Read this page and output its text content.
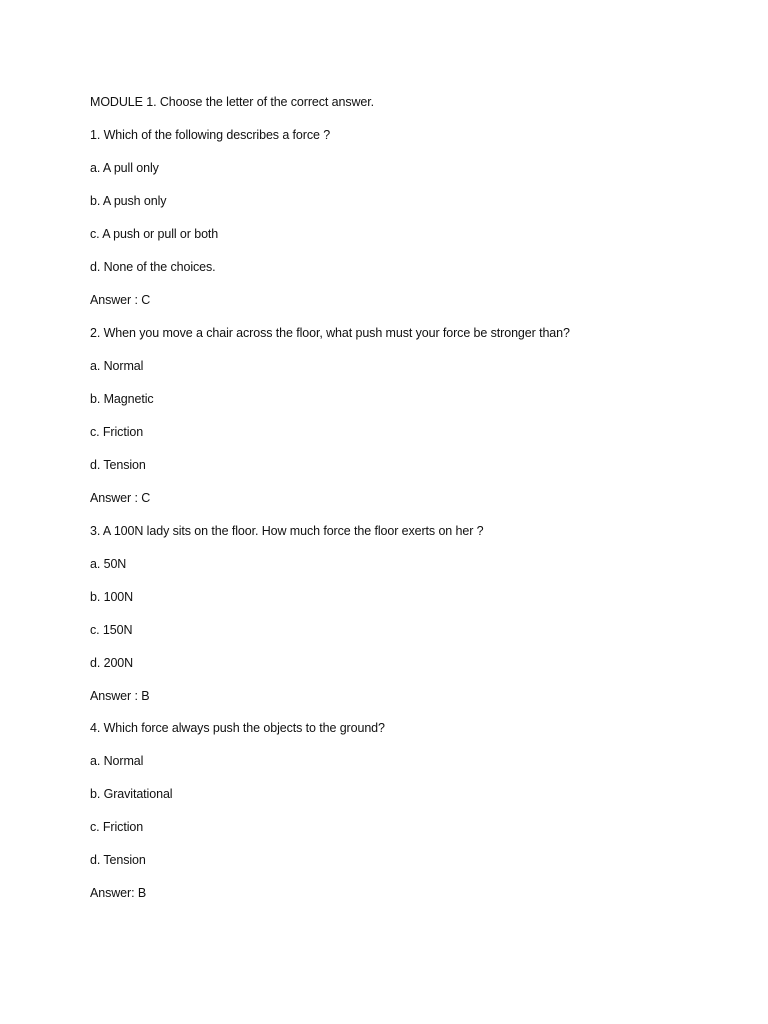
MODULE 1. Choose the letter of the correct answer.
1. Which of the following describes a force ?
a. A pull only
b. A push only
c. A push or pull or both
d. None of the choices.
Answer : C
2. When you move a chair across the floor, what push must your force be stronger than?
a. Normal
b. Magnetic
c. Friction
d. Tension
Answer : C
3. A 100N lady sits on the floor. How much force the floor exerts on her ?
a. 50N
b. 100N
c. 150N
d. 200N
Answer : B
4. Which force always push the objects to the ground?
a. Normal
b. Gravitational
c. Friction
d. Tension
Answer: B
